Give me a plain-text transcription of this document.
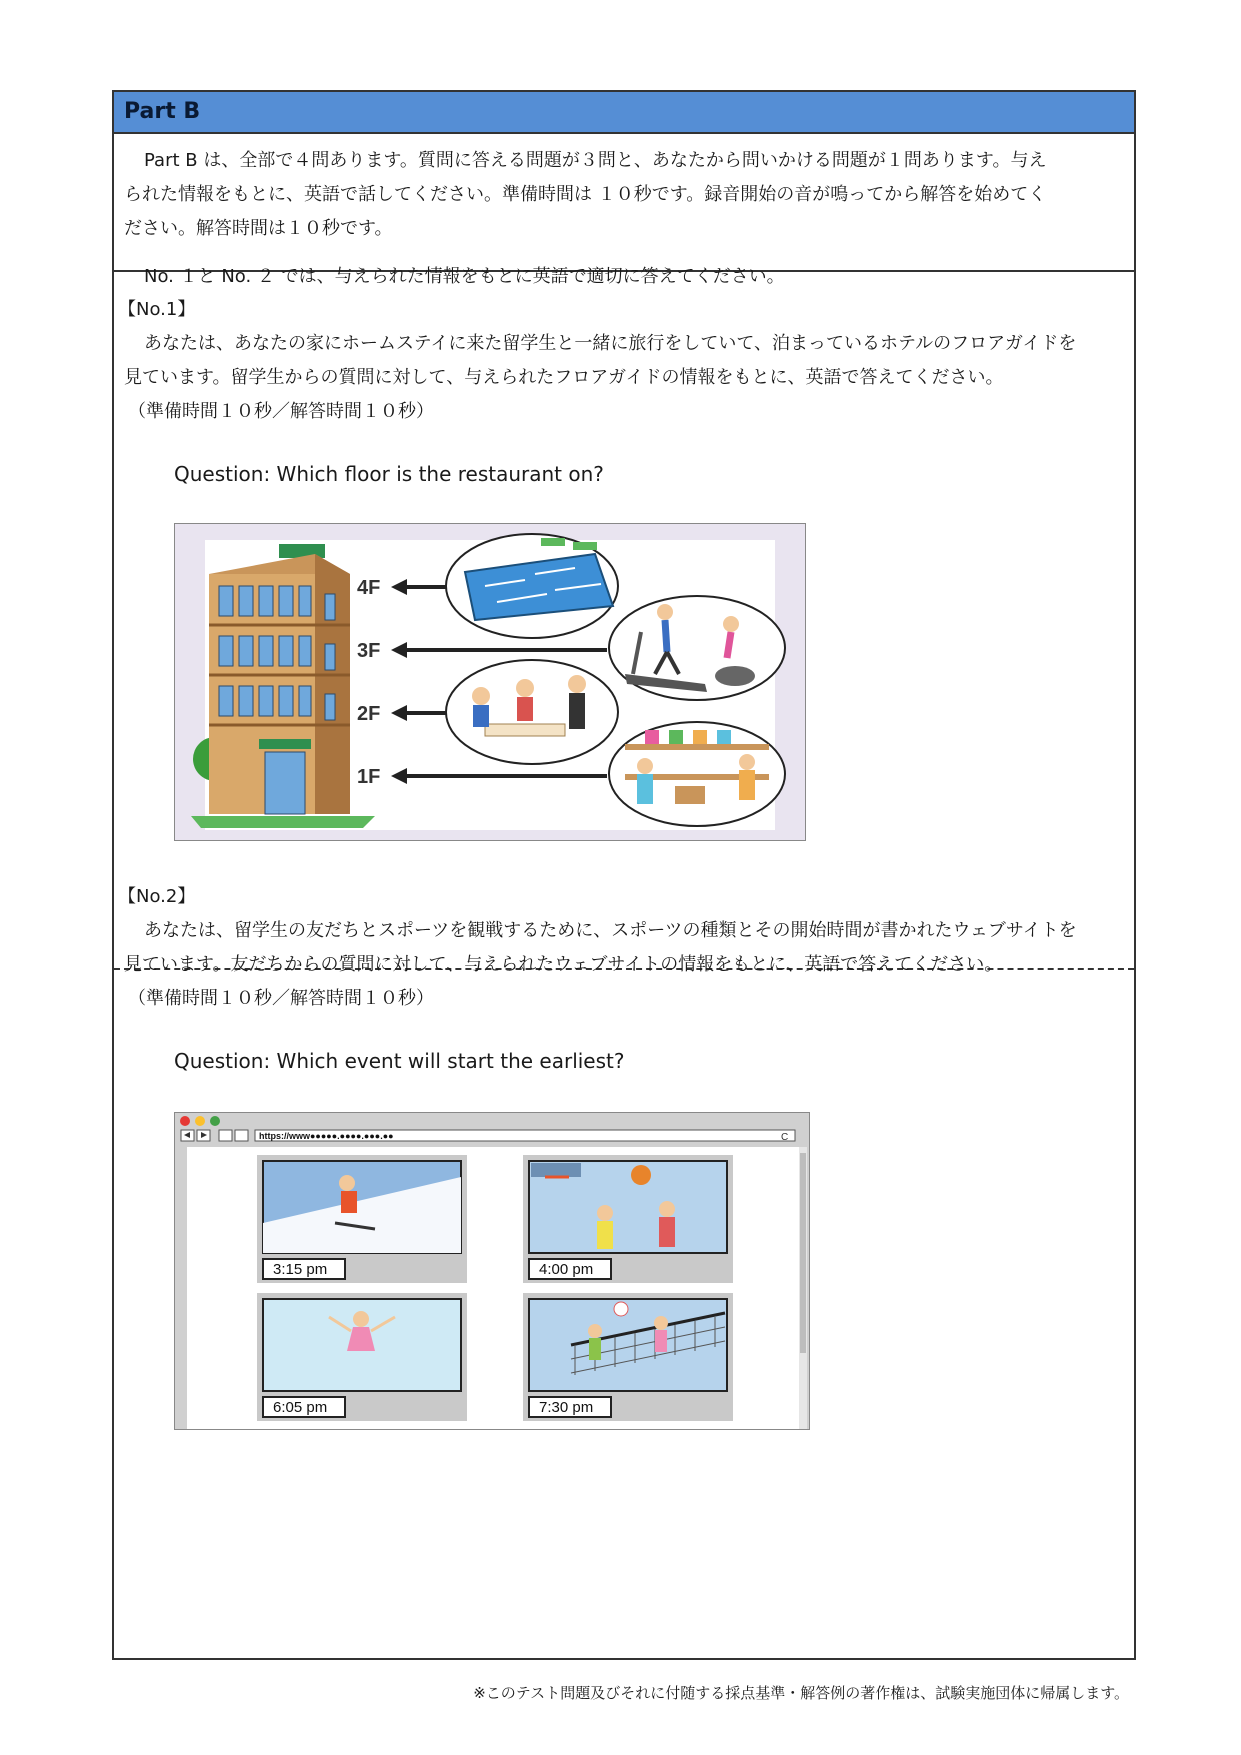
Part B
Part B は、全部で４問あります。質問に答える問題が３問と、あなたから問いかける問題が１問あります。与え
られた情報をもとに、英語で話してください。準備時間は １０秒です。録音開始の音が鳴ってから解答を始めてく
ださい。解答時間は１０秒です。
No. １と No. ２ では、与えられた情報をもとに英語で適切に答えてください。
【No.1】
あなたは、あなたの家にホームステイに来た留学生と一緒に旅行をしていて、泊まっているホテルのフロアガイドを
見ています。留学生からの質問に対して、与えられたフロアガイドの情報をもとに、英語で答えてください。
（準備時間１０秒／解答時間１０秒）
Question: Which floor is the restaurant on?
4F
3F
2F
1F
【No.2】
あなたは、留学生の友だちとスポーツを観戦するために、スポーツの種類とその開始時間が書かれたウェブサイトを
見ています。友だちからの質問に対して、与えられたウェブサイトの情報をもとに、英語で答えてください。
（準備時間１０秒／解答時間１０秒）
Question: Which event will start the earliest?
https://www●●●●●.●●●●.●●●.●●	C
3:15 pm	4:00 pm
6:05 pm	7:30 pm
※このテスト問題及びそれに付随する採点基準・解答例の著作権は、試験実施団体に帰属します。
